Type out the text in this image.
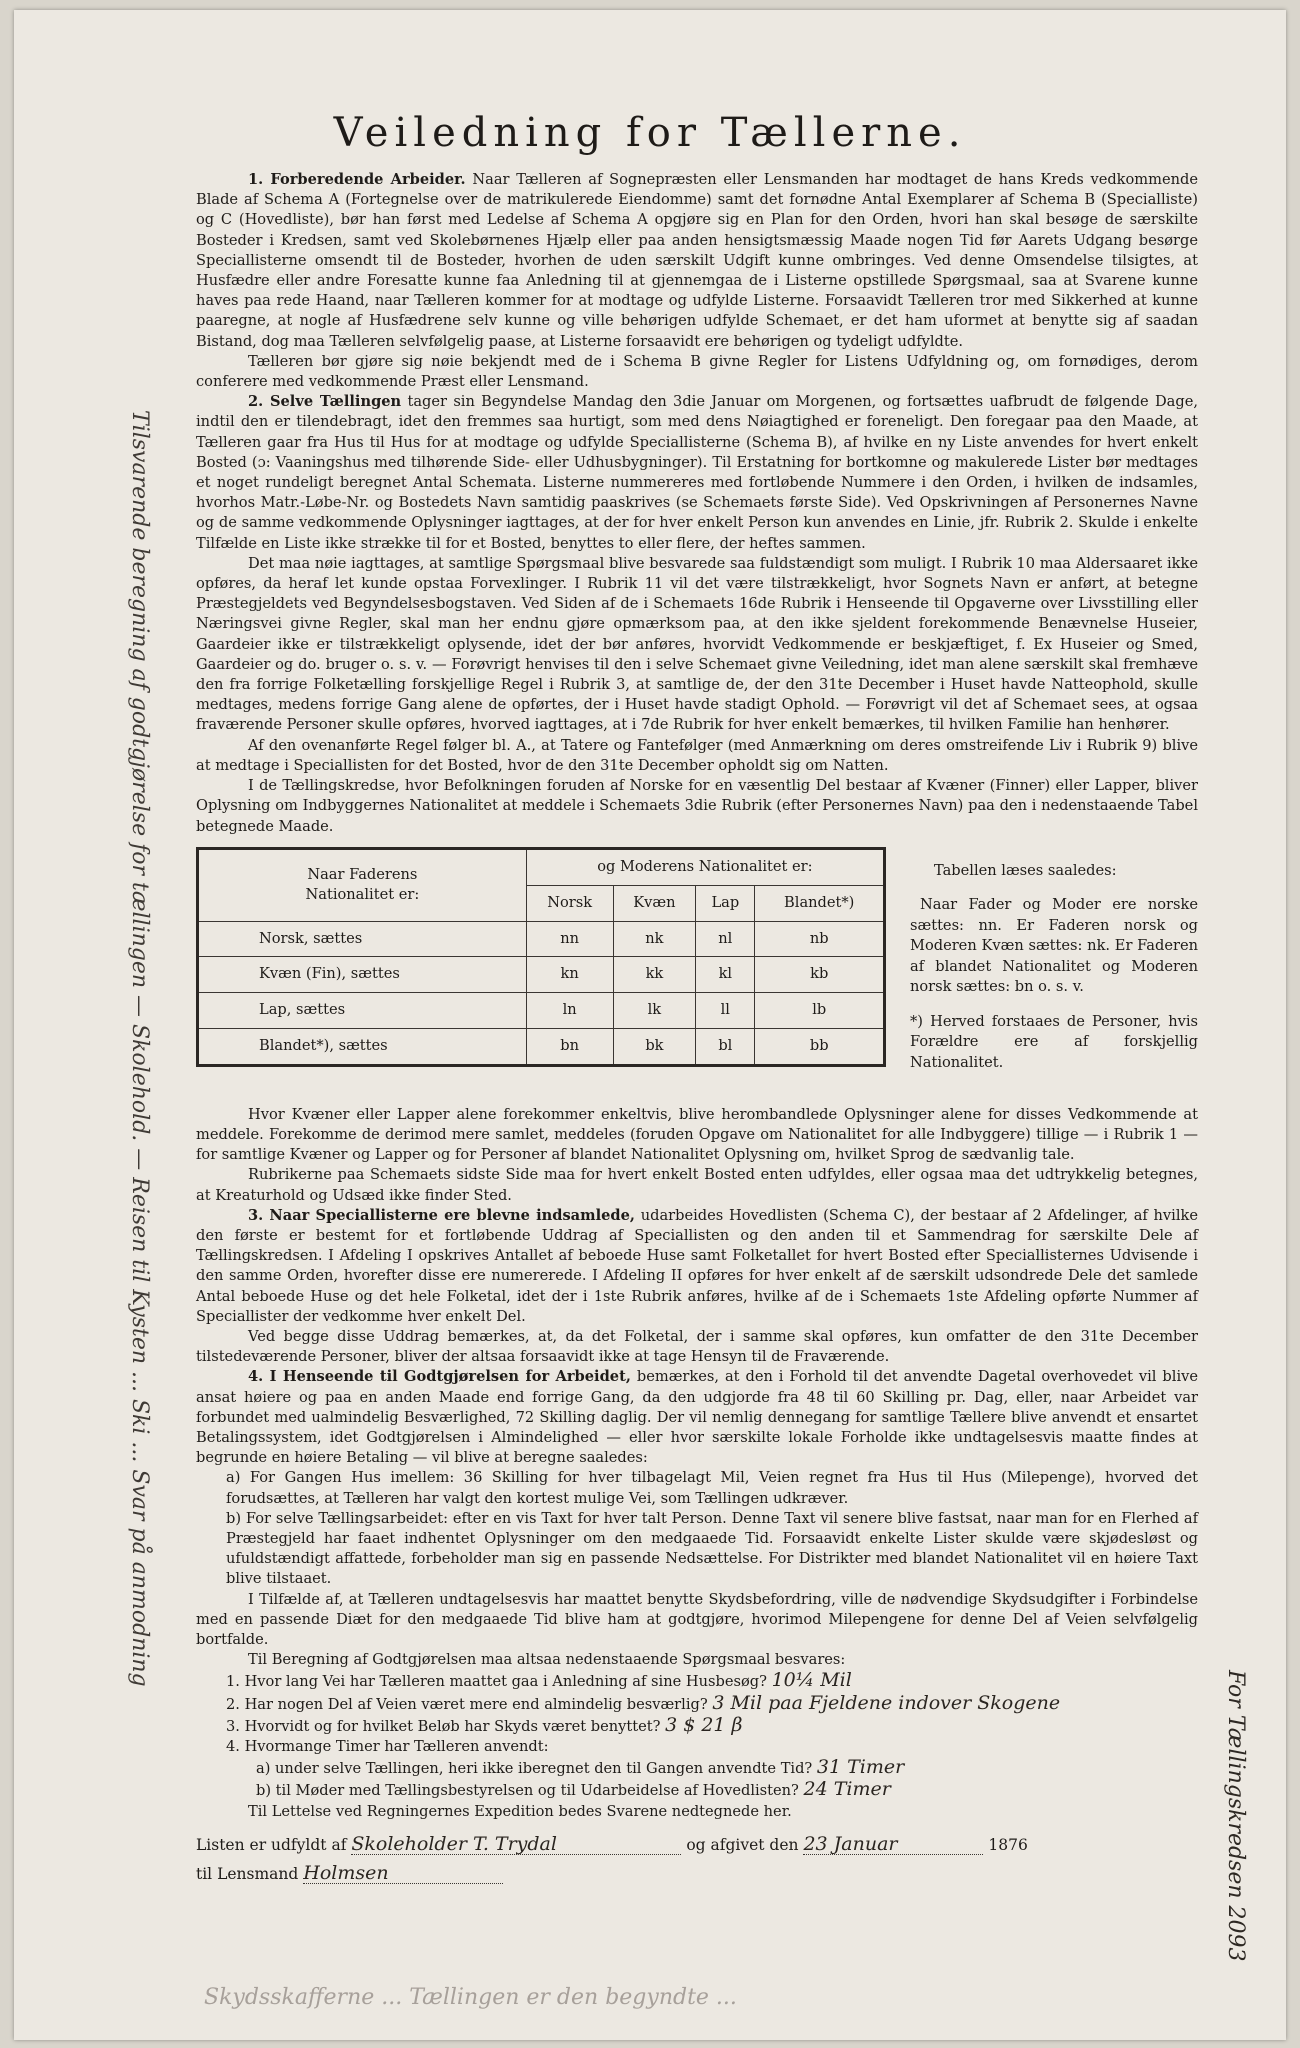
Veiledning for Tællerne.

1. Forberedende Arbeider. Naar Tælleren af Sognepræsten eller Lensmanden har modtaget de hans Kreds vedkommende Blade af Schema A (Fortegnelse over de matrikulerede Eiendomme) samt det fornødne Antal Exemplarer af Schema B (Specialliste) og C (Hovedliste), bør han først med Ledelse af Schema A opgjøre sig en Plan for den Orden, hvori han skal besøge de særskilte Bosteder i Kredsen, samt ved Skolebørnenes Hjælp eller paa anden hensigtsmæssig Maade nogen Tid før Aarets Udgang besørge Speciallisterne omsendt til de Bosteder, hvorhen de uden særskilt Udgift kunne ombringes. Ved denne Omsendelse tilsigtes, at Husfædre eller andre Foresatte kunne faa Anledning til at gjennemgaa de i Listerne opstillede Spørgsmaal, saa at Svarene kunne haves paa rede Haand, naar Tælleren kommer for at modtage og udfylde Listerne. Forsaavidt Tælleren tror med Sikkerhed at kunne paaregne, at nogle af Husfædrene selv kunne og ville behørigen udfylde Schemaet, er det ham uformet at benytte sig af saadan Bistand, dog maa Tælleren selvfølgelig paase, at Listerne forsaavidt ere behørigen og tydeligt udfyldte.

Tælleren bør gjøre sig nøie bekjendt med de i Schema B givne Regler for Listens Udfyldning og, om fornødiges, derom conferere med vedkommende Præst eller Lensmand.

2. Selve Tællingen tager sin Begyndelse Mandag den 3die Januar om Morgenen, og fortsættes uafbrudt de følgende Dage, indtil den er tilendebragt, idet den fremmes saa hurtigt, som med dens Nøiagtighed er foreneligt. Den foregaar paa den Maade, at Tælleren gaar fra Hus til Hus for at modtage og udfylde Speciallisterne (Schema B), af hvilke en ny Liste anvendes for hvert enkelt Bosted (ɔ: Vaaningshus med tilhørende Side- eller Udhusbygninger). Til Erstatning for bortkomne og makulerede Lister bør medtages et noget rundeligt beregnet Antal Schemata. Listerne nummereres med fortløbende Nummere i den Orden, i hvilken de indsamles, hvorhos Matr.-Løbe-Nr. og Bostedets Navn samtidig paaskrives (se Schemaets første Side). Ved Opskrivningen af Personernes Navne og de samme vedkommende Oplysninger iagttages, at der for hver enkelt Person kun anvendes en Linie, jfr. Rubrik 2. Skulde i enkelte Tilfælde en Liste ikke strække til for et Bosted, benyttes to eller flere, der heftes sammen.

Det maa nøie iagttages, at samtlige Spørgsmaal blive besvarede saa fuldstændigt som muligt. I Rubrik 10 maa Aldersaaret ikke opføres, da heraf let kunde opstaa Forvexlinger. I Rubrik 11 vil det være tilstrækkeligt, hvor Sognets Navn er anført, at betegne Præstegjeldets ved Begyndelsesbogstaven. Ved Siden af de i Schemaets 16de Rubrik i Henseende til Opgaverne over Livsstilling eller Næringsvei givne Regler, skal man her endnu gjøre opmærksom paa, at den ikke sjeldent forekommende Benævnelse Huseier, Gaardeier ikke er tilstrækkeligt oplysende, idet der bør anføres, hvorvidt Vedkommende er beskjæftiget, f. Ex Huseier og Smed, Gaardeier og do. bruger o. s. v. — Forøvrigt henvises til den i selve Schemaet givne Veiledning, idet man alene særskilt skal fremhæve den fra forrige Folketælling forskjellige Regel i Rubrik 3, at samtlige de, der den 31te December i Huset havde Natteophold, skulle medtages, medens forrige Gang alene de opførtes, der i Huset havde stadigt Ophold. — Forøvrigt vil det af Schemaet sees, at ogsaa fraværende Personer skulle opføres, hvorved iagttages, at i 7de Rubrik for hver enkelt bemærkes, til hvilken Familie han henhører.

Af den ovenanførte Regel følger bl. A., at Tatere og Fantefølger (med Anmærkning om deres omstreifende Liv i Rubrik 9) blive at medtage i Speciallisten for det Bosted, hvor de den 31te December opholdt sig om Natten.

I de Tællingskredse, hvor Befolkningen foruden af Norske for en væsentlig Del bestaar af Kvæner (Finner) eller Lapper, bliver Oplysning om Indbyggernes Nationalitet at meddele i Schemaets 3die Rubrik (efter Personernes Navn) paa den i nedenstaaende Tabel betegnede Maade.

Naar Faderens
Nationalitet er:	og Moderens Nationalitet er:			
	Norsk	Kvæn	Lap	Blandet*)
Norsk, sættes	nn	nk	nl	nb
Kvæn (Fin), sættes	kn	kk	kl	kb
Lap, sættes	ln	lk	ll	lb
Blandet*), sættes	bn	bk	bl	bb

Tabellen læses saaledes:

Naar Fader og Moder ere norske sættes: nn. Er Faderen norsk og Moderen Kvæn sættes: nk. Er Faderen af blandet Nationalitet og Moderen norsk sættes: bn o. s. v.

*) Herved forstaaes de Personer, hvis Forældre ere af forskjellig Nationalitet.

Hvor Kvæner eller Lapper alene forekommer enkeltvis, blive herombandlede Oplysninger alene for disses Vedkommende at meddele. Forekomme de derimod mere samlet, meddeles (foruden Opgave om Nationalitet for alle Indbyggere) tillige — i Rubrik 1 — for samtlige Kvæner og Lapper og for Personer af blandet Nationalitet Oplysning om, hvilket Sprog de sædvanlig tale.

Rubrikerne paa Schemaets sidste Side maa for hvert enkelt Bosted enten udfyldes, eller ogsaa maa det udtrykkelig betegnes, at Kreaturhold og Udsæd ikke finder Sted.

3. Naar Speciallisterne ere blevne indsamlede, udarbeides Hovedlisten (Schema C), der bestaar af 2 Afdelinger, af hvilke den første er bestemt for et fortløbende Uddrag af Speciallisten og den anden til et Sammendrag for særskilte Dele af Tællingskredsen. I Afdeling I opskrives Antallet af beboede Huse samt Folketallet for hvert Bosted efter Speciallisternes Udvisende i den samme Orden, hvorefter disse ere numererede. I Afdeling II opføres for hver enkelt af de særskilt udsondrede Dele det samlede Antal beboede Huse og det hele Folketal, idet der i 1ste Rubrik anføres, hvilke af de i Schemaets 1ste Afdeling opførte Nummer af Speciallister der vedkomme hver enkelt Del.

Ved begge disse Uddrag bemærkes, at, da det Folketal, der i samme skal opføres, kun omfatter de den 31te December tilstedeværende Personer, bliver der altsaa forsaavidt ikke at tage Hensyn til de Fraværende.

4. I Henseende til Godtgjørelsen for Arbeidet, bemærkes, at den i Forhold til det anvendte Dagetal overhovedet vil blive ansat høiere og paa en anden Maade end forrige Gang, da den udgjorde fra 48 til 60 Skilling pr. Dag, eller, naar Arbeidet var forbundet med ualmindelig Besværlighed, 72 Skilling daglig. Der vil nemlig dennegang for samtlige Tællere blive anvendt et ensartet Betalingssystem, idet Godtgjørelsen i Almindelighed — eller hvor særskilte lokale Forholde ikke undtagelsesvis maatte findes at begrunde en høiere Betaling — vil blive at beregne saaledes:

a) For Gangen Hus imellem: 36 Skilling for hver tilbagelagt Mil, Veien regnet fra Hus til Hus (Milepenge), hvorved det forudsættes, at Tælleren har valgt den kortest mulige Vei, som Tællingen udkræver.

b) For selve Tællingsarbeidet: efter en vis Taxt for hver talt Person. Denne Taxt vil senere blive fastsat, naar man for en Flerhed af Præstegjeld har faaet indhentet Oplysninger om den medgaaede Tid. Forsaavidt enkelte Lister skulde være skjødesløst og ufuldstændigt affattede, forbeholder man sig en passende Nedsættelse. For Distrikter med blandet Nationalitet vil en høiere Taxt blive tilstaaet.

I Tilfælde af, at Tælleren undtagelsesvis har maattet benytte Skydsbefordring, ville de nødvendige Skydsudgifter i Forbindelse med en passende Diæt for den medgaaede Tid blive ham at godtgjøre, hvorimod Milepengene for denne Del af Veien selvfølgelig bortfalde.

Til Beregning af Godtgjørelsen maa altsaa nedenstaaende Spørgsmaal besvares:

1. Hvor lang Vei har Tælleren maattet gaa i Anledning af sine Husbesøg? 10¼ Mil
2. Har nogen Del af Veien været mere end almindelig besværlig? 3 Mil paa Fjeldene indover Skogene
3. Hvorvidt og for hvilket Beløb har Skyds været benyttet? 3 $ 21 β
4. Hvormange Timer har Tælleren anvendt:
a) under selve Tællingen, heri ikke iberegnet den til Gangen anvendte Tid? 31 Timer
b) til Møder med Tællingsbestyrelsen og til Udarbeidelse af Hovedlisten? 24 Timer

Til Lettelse ved Regningernes Expedition bedes Svarene nedtegnede her.

Listen er udfyldt af Skoleholder T. Trydal	og afgivet den 23 Januar	1876
til Lensmand Holmsen
Tilsvarende beregning af godtgjørelse for tællingen — Skolehold. — Reisen til Kysten ... Ski ... Svar på anmodning
For Tællingskredsen 2093
Skydsskafferne ... Tællingen er den begyndte ...
